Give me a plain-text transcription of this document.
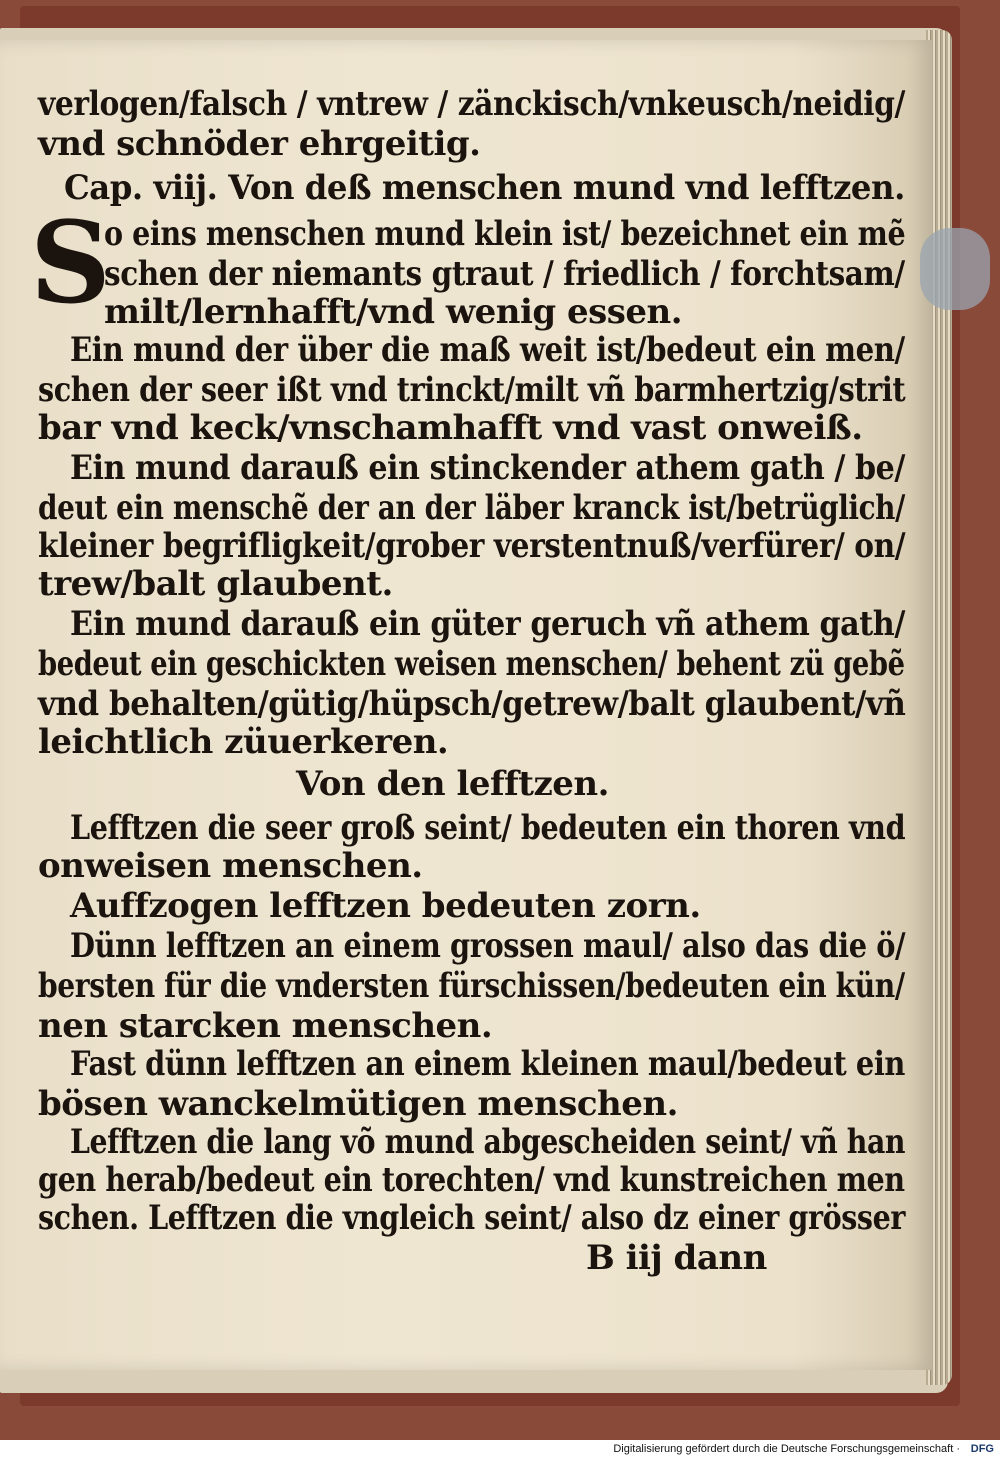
S
verlogen/falsch / vntrew / zänckisch/vnkeusch/neidig/
vnd schnöder ehrgeitig.
Cap. viij. Von deß menschen mund vnd lefftzen.
o eins menschen mund klein ist/ bezeichnet ein mẽ
schen der niemants gtraut / friedlich / forchtsam/
milt/lernhafft/vnd wenig essen.
Ein mund der über die maß weit ist/bedeut ein men/
schen der seer ißt vnd trinckt/milt vñ barmhertzig/strit
bar vnd keck/vnschamhafft vnd vast onweiß.
Ein mund darauß ein stinckender athem gath / be/
deut ein menschẽ der an der läber kranck ist/betrüglich/
kleiner begrifligkeit/grober verstentnuß/verfürer/ on/
trew/balt glaubent.
Ein mund darauß ein güter geruch vñ athem gath/
bedeut ein geschickten weisen menschen/ behent zü gebẽ
vnd behalten/gütig/hüpsch/getrew/balt glaubent/vñ
leichtlich züuerkeren.
Von den lefftzen.
Lefftzen die seer groß seint/ bedeuten ein thoren vnd
onweisen menschen.
Auffzogen lefftzen bedeuten zorn.
Dünn lefftzen an einem grossen maul/ also das die ö/
bersten für die vndersten fürschissen/bedeuten ein kün/
nen starcken menschen.
Fast dünn lefftzen an einem kleinen maul/bedeut ein
bösen wanckelmütigen menschen.
Lefftzen die lang võ mund abgescheiden seint/ vñ han
gen herab/bedeut ein torechten/ vnd kunstreichen men
schen. Lefftzen die vngleich seint/ also dz einer grösser
B iij dann
Digitalisierung gefördert durch die Deutsche Forschungsgemeinschaft · DFG
